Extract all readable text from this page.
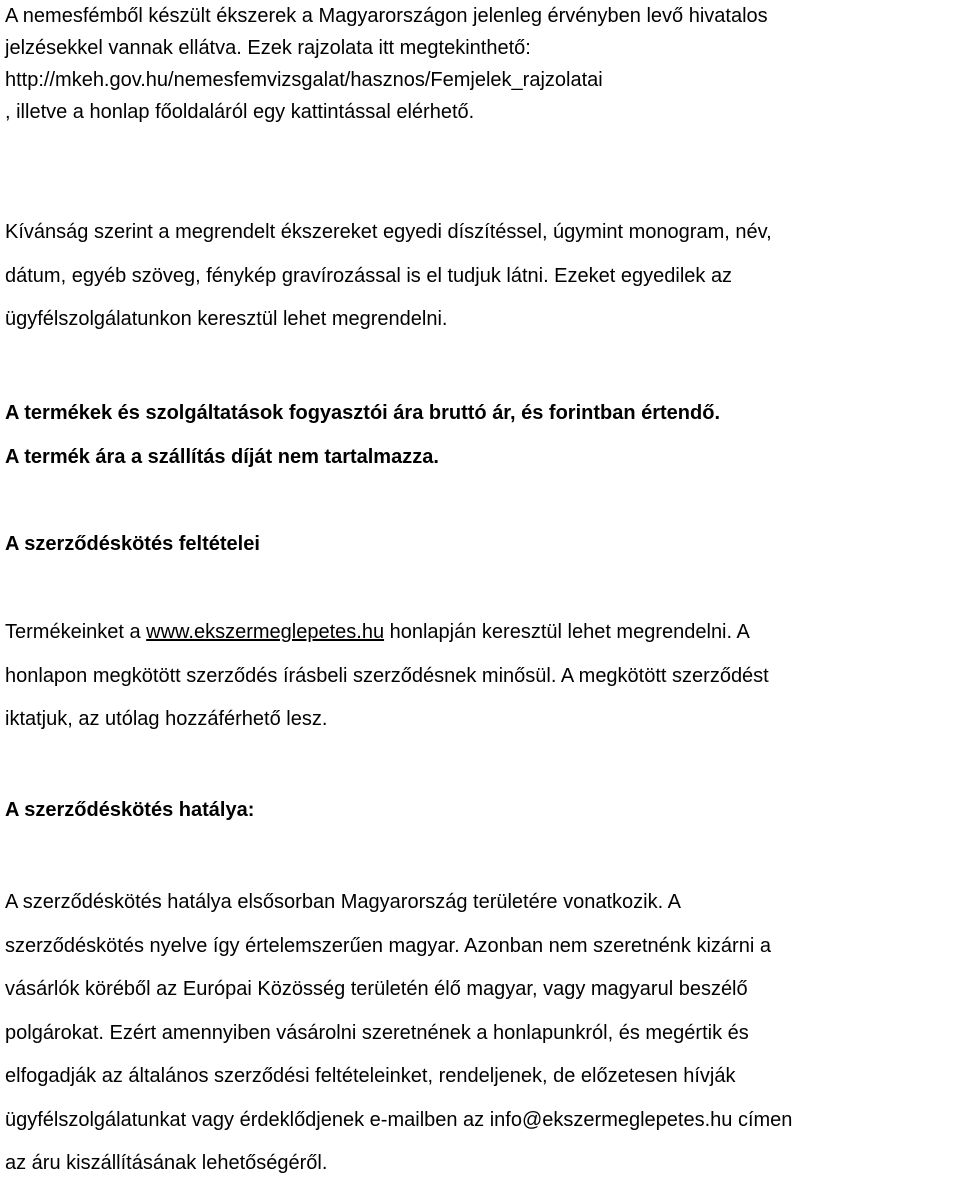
A nemesfémből készült ékszerek a Magyarországon jelenleg érvényben levő hivatalos
jelzésekkel vannak ellátva. Ezek rajzolata itt megtekinthető:
http://mkeh.gov.hu/nemesfemvizsgalat/hasznos/Femjelek_rajzolatai
, illetve a honlap főoldaláról egy kattintással elérhető.
Kívánság szerint a megrendelt ékszereket egyedi díszítéssel, úgymint monogram, név,
dátum, egyéb szöveg, fénykép gravírozással is el tudjuk látni. Ezeket egyedilek az
ügyfélszolgálatunkon keresztül lehet megrendelni.
A termékek és szolgáltatások fogyasztói ára bruttó ár, és forintban értendő.
A termék ára a szállítás díját nem tartalmazza.
A szerződéskötés feltételei
Termékeinket a www.ekszermeglepetes.hu honlapján keresztül lehet megrendelni. A
honlapon megkötött szerződés írásbeli szerződésnek minősül. A megkötött szerződést
iktatjuk, az utólag hozzáférhető lesz.
A szerződéskötés hatálya:
A szerződéskötés hatálya elsősorban Magyarország területére vonatkozik. A
szerződéskötés nyelve így értelemszerűen magyar. Azonban nem szeretnénk kizárni a
vásárlók köréből az Európai Közösség területén élő magyar, vagy magyarul beszélő
polgárokat. Ezért amennyiben vásárolni szeretnének a honlapunkról, és megértik és
elfogadják az általános szerződési feltételeinket, rendeljenek, de előzetesen hívják
ügyfélszolgálatunkat vagy érdeklődjenek e-mailben az info@ekszermeglepetes.hu címen
az áru kiszállításának lehetőségéről.
